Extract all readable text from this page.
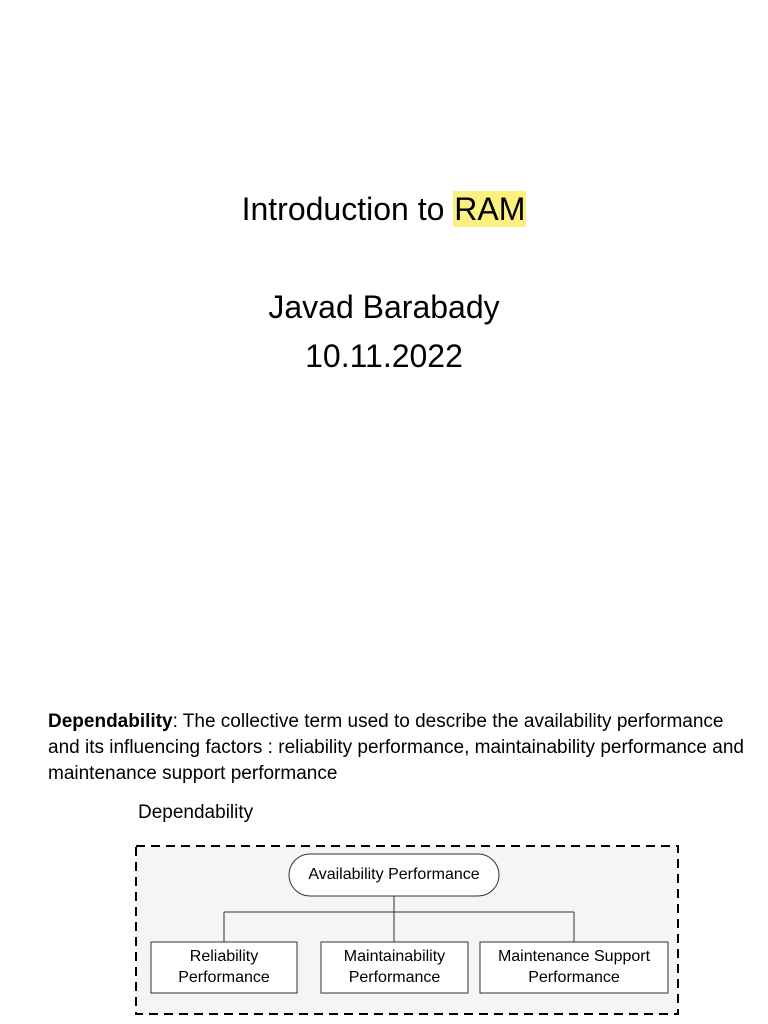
Introduction to RAM
Javad Barabady
10.11.2022
Dependability: The collective term used to describe the availability performance and its influencing factors : reliability performance, maintainability performance and maintenance support performance
Dependability
Availability Performance
Reliability
Performance
Maintainability
Performance
Maintenance Support
Performance
